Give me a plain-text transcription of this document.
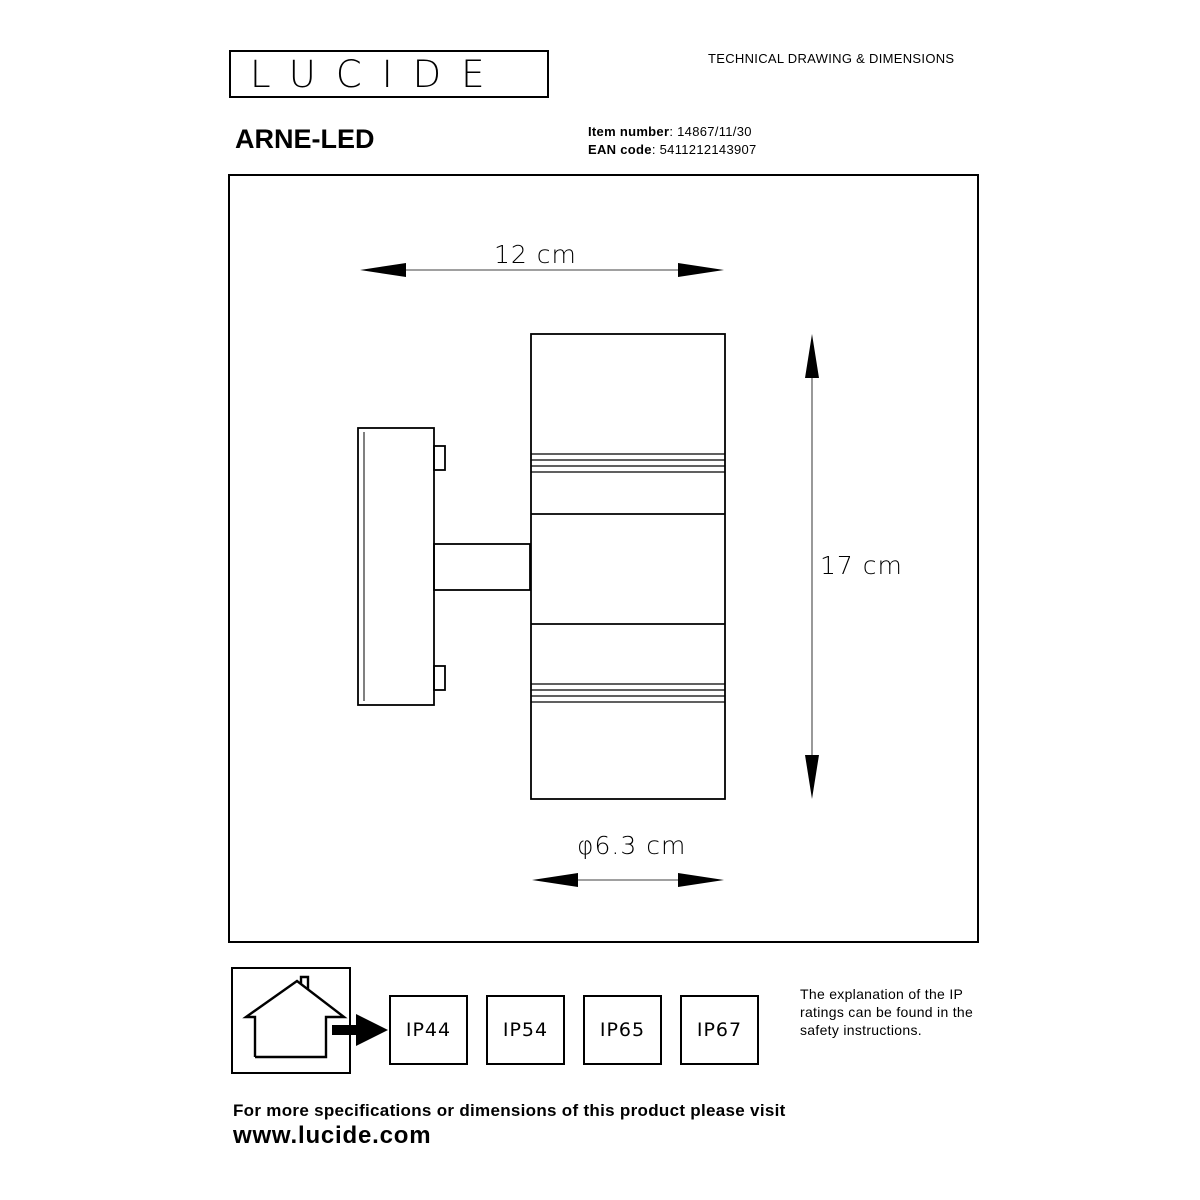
LUCIDE	TECHNICAL DRAWING & DIMENSIONS
ARNE-LED	Item number: 14867/11/30
EAN code: 5411212143907
12 cm
17 cm
φ6.3 cm
IP44	IP54	IP65	IP67
The explanation of the IP ratings can be found in the safety instructions.
For more specifications or dimensions of this product please visit
www.lucide.com
